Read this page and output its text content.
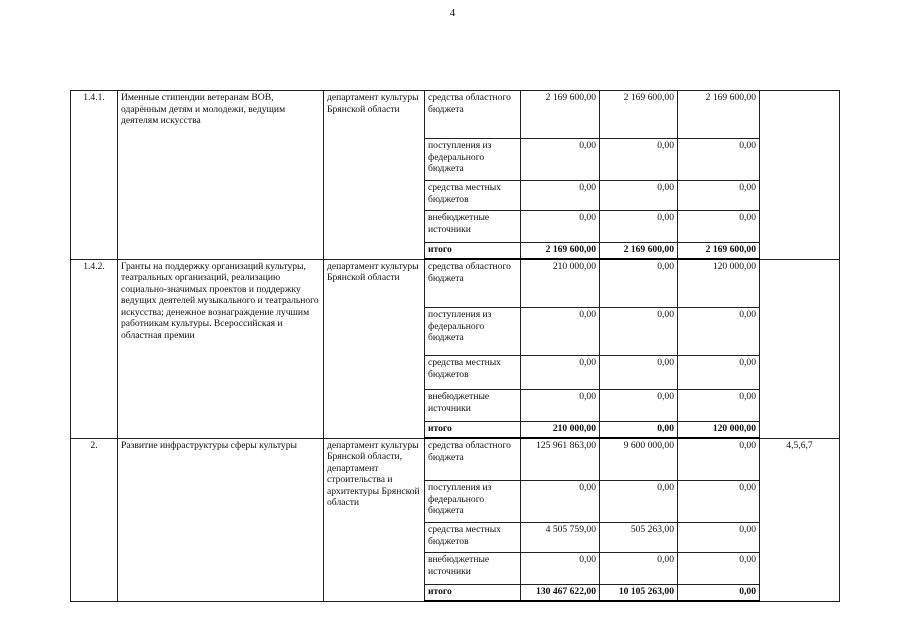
4
1.4.1.	Именные стипендии ветеранам ВОВ, одарённым детям и молодежи, ведущим деятелям искусства	департамент культуры Брянской области	средства областного бюджета	2 169 600,00	2 169 600,00	2 169 600,00	
			поступления из федерального бюджета	0,00	0,00	0,00	
			средства местных бюджетов	0,00	0,00	0,00	
			внебюджетные источники	0,00	0,00	0,00	
			итого	2 169 600,00	2 169 600,00	2 169 600,00	
1.4.2.	Гранты на поддержку организаций культуры, театральных организаций, реализацию социально-значимых проектов и поддержку ведущих деятелей музыкального и театрального искусства; денежное вознаграждение лучшим работникам культуры. Всероссийская и областная премии	департамент культуры Брянской области	средства областного бюджета	210 000,00	0,00	120 000,00	
			поступления из федерального бюджета	0,00	0,00	0,00	
			средства местных бюджетов	0,00	0,00	0,00	
			внебюджетные источники	0,00	0,00	0,00	
			итого	210 000,00	0,00	120 000,00	
2.	Развитие инфраструктуры сферы культуры	департамент культуры Брянской области, департамент строительства и архитектуры Брянской области	средства областного бюджета	125 961 863,00	9 600 000,00	0,00	4,5,6,7
			поступления из федерального бюджета	0,00	0,00	0,00	
			средства местных бюджетов	4 505 759,00	505 263,00	0,00	
			внебюджетные источники	0,00	0,00	0,00	
			итого	130 467 622,00	10 105 263,00	0,00	
